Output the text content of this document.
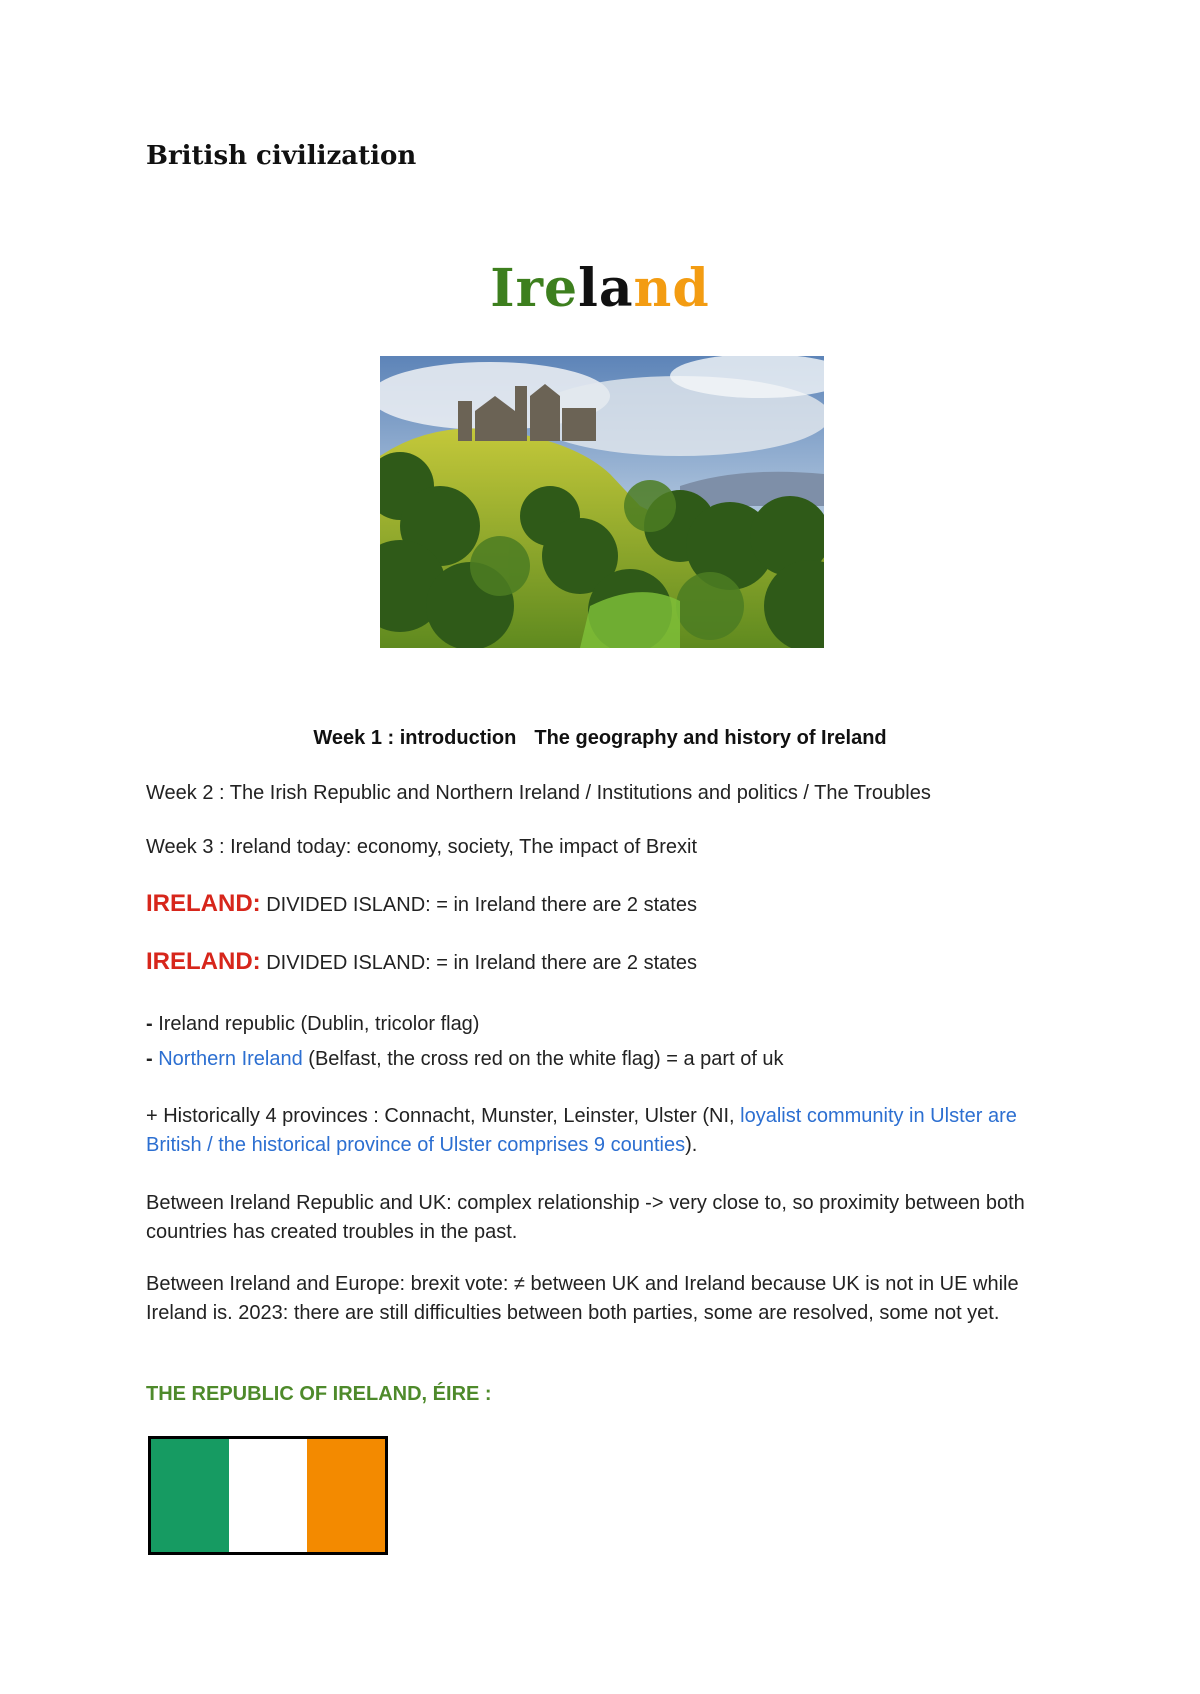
British civilization
Ireland
Week 1 : introduction The geography and history of Ireland
Week 2 : The Irish Republic and Northern Ireland / Institutions and politics / The Troubles
Week 3 : Ireland today: economy, society, The impact of Brexit
IRELAND: DIVIDED ISLAND: = in Ireland there are 2 states
IRELAND: DIVIDED ISLAND: = in Ireland there are 2 states
- Ireland republic (Dublin, tricolor flag)
- Northern Ireland (Belfast, the cross red on the white flag) = a part of uk
+ Historically 4 provinces : Connacht, Munster, Leinster, Ulster (NI, loyalist community in Ulster are British / the historical province of Ulster comprises 9 counties).
Between Ireland Republic and UK: complex relationship -> very close to, so proximity between both countries has created troubles in the past.
Between Ireland and Europe: brexit vote: ≠ between UK and Ireland because UK is not in UE while Ireland is. 2023: there are still difficulties between both parties, some are resolved, some not yet.
THE REPUBLIC OF IRELAND, ÉIRE :
